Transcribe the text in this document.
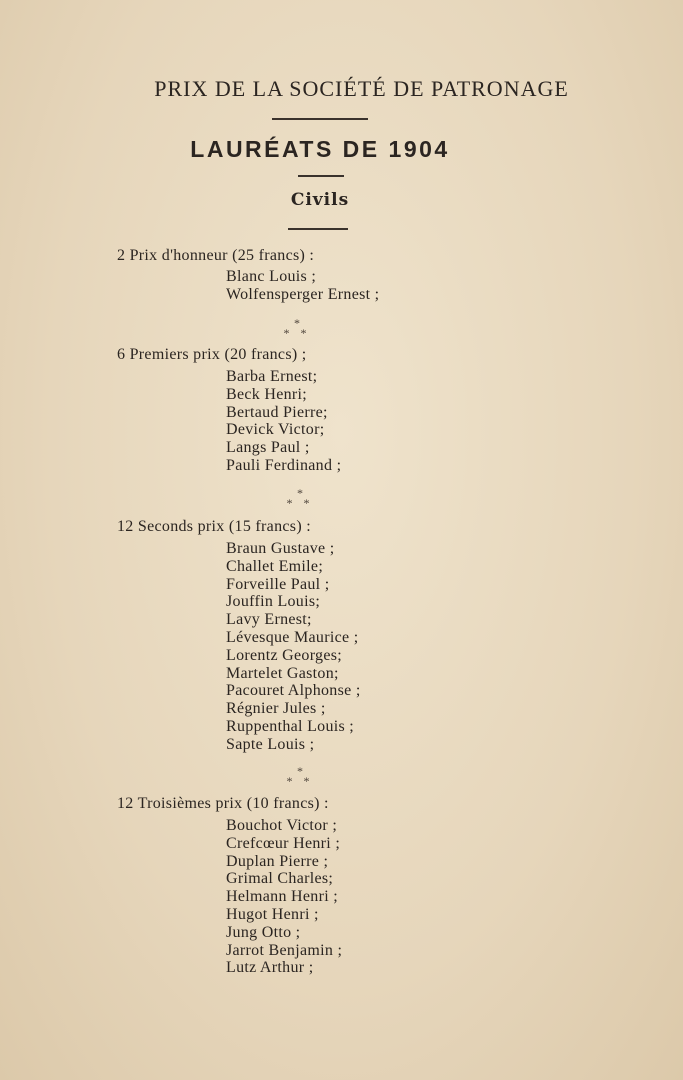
PRIX DE LA SOCIÉTÉ DE PATRONAGE
LAURÉATS DE 1904
Civils
2 Prix d'honneur (25 francs) :
Blanc Louis ;
Wolfensperger Ernest ;
*
* *
6 Premiers prix (20 francs) ;
Barba Ernest;
Beck Henri;
Bertaud Pierre;
Devick Victor;
Langs Paul ;
Pauli Ferdinand ;
*
* *
12 Seconds prix (15 francs) :
Braun Gustave ;
Challet Emile;
Forveille Paul ;
Jouffin Louis;
Lavy Ernest;
Lévesque Maurice ;
Lorentz Georges;
Martelet Gaston;
Pacouret Alphonse ;
Régnier Jules ;
Ruppenthal Louis ;
Sapte Louis ;
*
* *
12 Troisièmes prix (10 francs) :
Bouchot Victor ;
Crefcœur Henri ;
Duplan Pierre ;
Grimal Charles;
Helmann Henri ;
Hugot Henri ;
Jung Otto ;
Jarrot Benjamin ;
Lutz Arthur ;
